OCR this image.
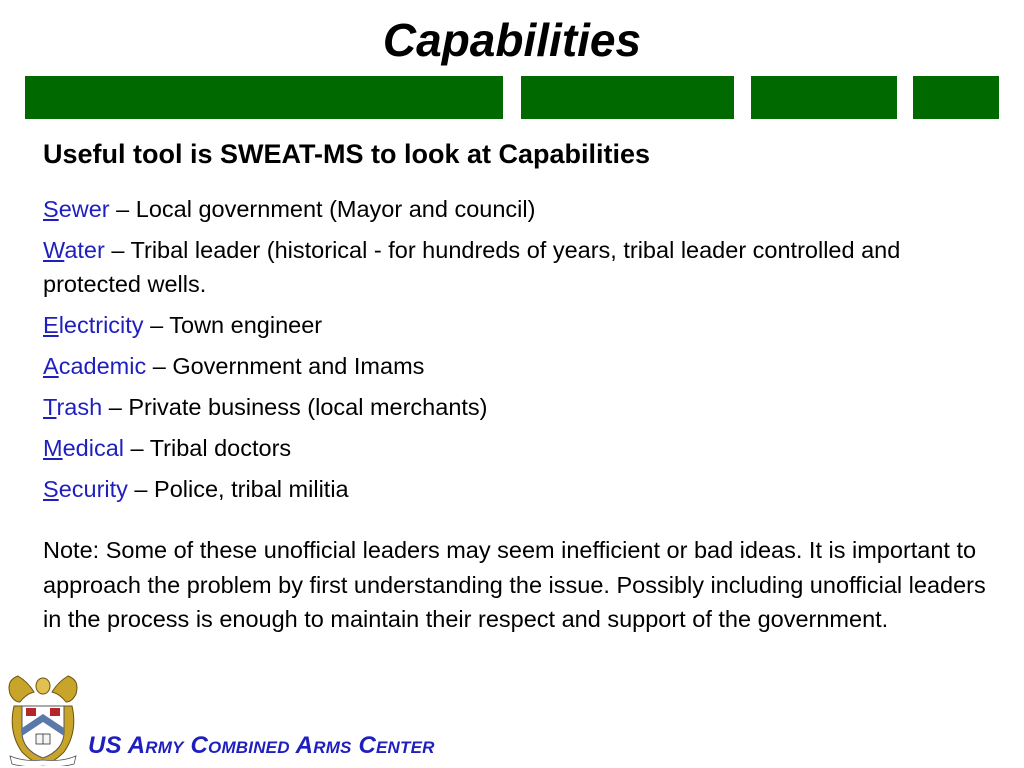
Capabilities
Useful tool is SWEAT-MS to look at Capabilities
Sewer – Local government (Mayor and council)
Water – Tribal leader (historical - for hundreds of years, tribal leader controlled and protected wells.
Electricity – Town engineer
Academic – Government and Imams
Trash – Private business (local merchants)
Medical – Tribal doctors
Security – Police, tribal militia
Note: Some of these unofficial leaders may seem inefficient or bad ideas. It is important to approach the problem by first understanding the issue. Possibly including unofficial leaders in the process is enough to maintain their respect and support of the government.
US Army Combined Arms Center
